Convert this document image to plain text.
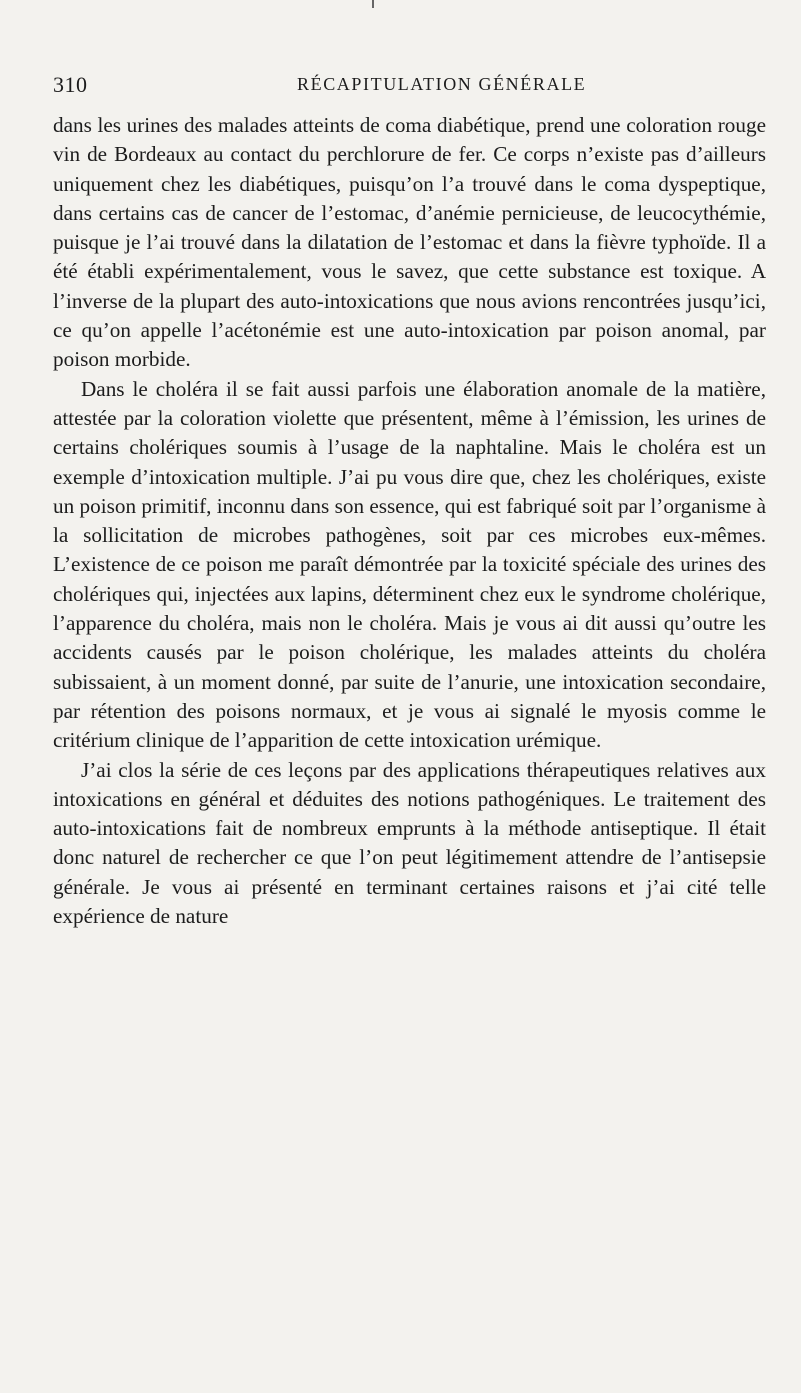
310	RÉCAPITULATION GÉNÉRALE

dans les urines des malades atteints de coma diabétique, prend une coloration rouge vin de Bordeaux au contact du perchlorure de fer. Ce corps n’existe pas d’ailleurs uniquement chez les diabétiques, puisqu’on l’a trouvé dans le coma dyspeptique, dans certains cas de cancer de l’estomac, d’anémie pernicieuse, de leucocythémie, puisque je l’ai trouvé dans la dilatation de l’estomac et dans la fièvre typhoïde. Il a été établi expérimentalement, vous le savez, que cette substance est toxique. A l’inverse de la plupart des auto-intoxications que nous avions rencontrées jusqu’ici, ce qu’on appelle l’acétonémie est une auto-intoxication par poison anomal, par poison morbide.

Dans le choléra il se fait aussi parfois une élaboration anomale de la matière, attestée par la coloration violette que présentent, même à l’émission, les urines de certains cholériques soumis à l’usage de la naphtaline. Mais le choléra est un exemple d’intoxication multiple. J’ai pu vous dire que, chez les cholériques, existe un poison primitif, inconnu dans son essence, qui est fabriqué soit par l’organisme à la sollicitation de microbes pathogènes, soit par ces microbes eux-mêmes. L’existence de ce poison me paraît démontrée par la toxicité spéciale des urines des cholériques qui, injectées aux lapins, déterminent chez eux le syndrome cholérique, l’apparence du choléra, mais non le choléra. Mais je vous ai dit aussi qu’outre les accidents causés par le poison cholérique, les malades atteints du choléra subissaient, à un moment donné, par suite de l’anurie, une intoxication secondaire, par rétention des poisons normaux, et je vous ai signalé le myosis comme le critérium clinique de l’apparition de cette intoxication urémique.

J’ai clos la série de ces leçons par des applications thérapeutiques relatives aux intoxications en général et déduites des notions pathogéniques. Le traitement des auto-intoxications fait de nombreux emprunts à la méthode antiseptique. Il était donc naturel de rechercher ce que l’on peut légitimement attendre de l’antisepsie générale. Je vous ai présenté en terminant certaines raisons et j’ai cité telle expérience de nature
